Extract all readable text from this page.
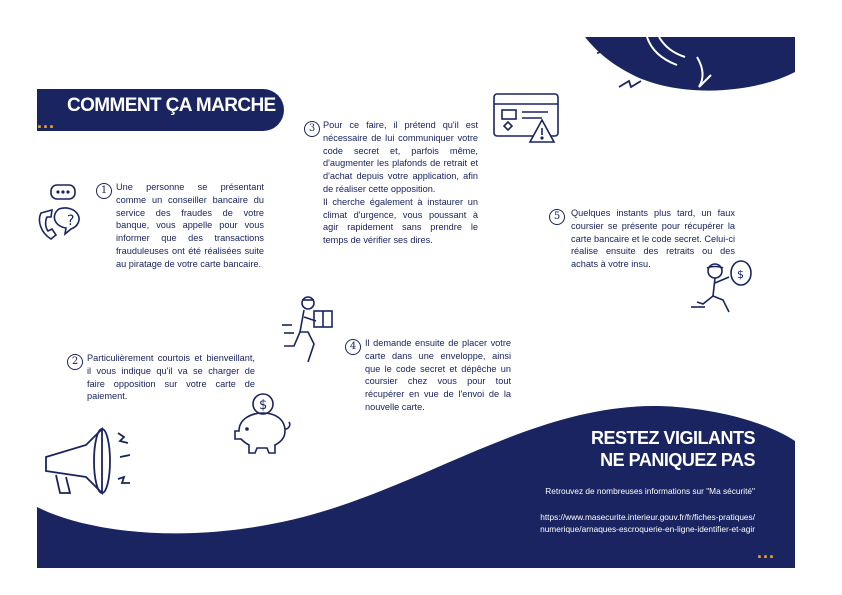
COMMENT ÇA MARCHE
...
1 Une personne se présentant comme un conseiller bancaire du service des fraudes de votre banque, vous appelle pour vous informer que des transactions frauduleuses ont été réalisées suite au piratage de votre carte bancaire.
2 Particulièrement courtois et bienveillant, il vous indique qu'il va se charger de faire opposition sur votre carte de paiement.
3 Pour ce faire, il prétend qu'il est nécessaire de lui communiquer votre code secret et, parfois même, d'augmenter les plafonds de retrait et d'achat depuis votre application, afin de réaliser cette opposition.
Il cherche également à instaurer un climat d'urgence, vous poussant à agir rapidement sans prendre le temps de vérifier ses dires.
4 Il demande ensuite de placer votre carte dans une enveloppe, ainsi que le code secret et dépêche un coursier chez vous pour tout récupérer en vue de l'envoi de la nouvelle carte.
5	Quelques instants plus tard, un faux coursier se présente pour récupérer la carte bancaire et le code secret. Celui-ci réalise ensuite des retraits ou des achats à votre insu.
RESTEZ VIGILANTS
NE PANIQUEZ PAS
Retrouvez de nombreuses informations sur "Ma sécurité"
https://www.masecurite.interieur.gouv.fr/fr/fiches-pratiques/
numerique/arnaques-escroquerie-en-ligne-identifier-et-agir
...
?
$
$
